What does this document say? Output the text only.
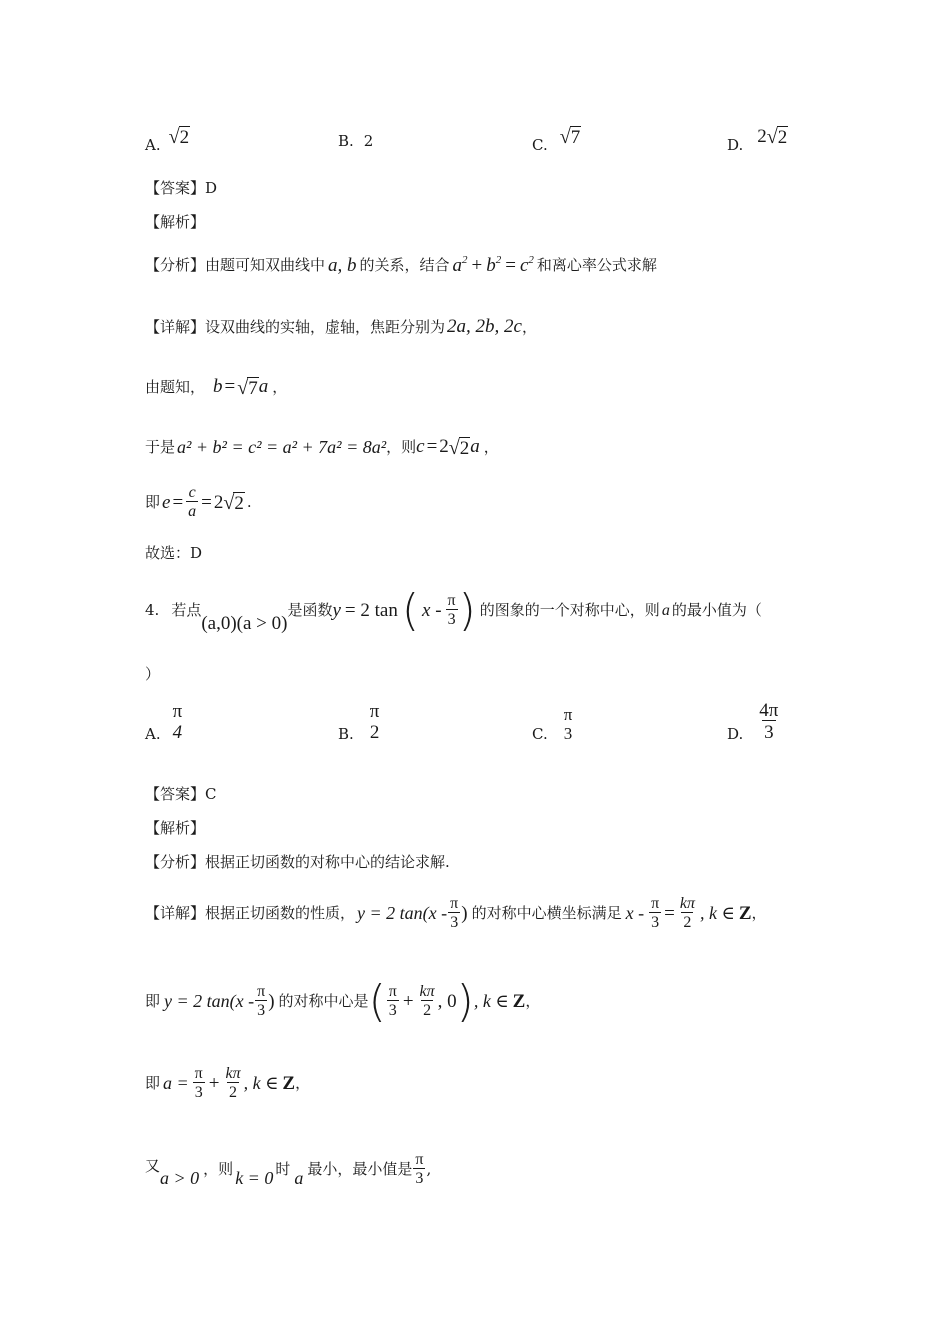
A. √ 2	B. 2	C. √ 7	D. 2 √ 2
【答案】D
【解析】
【分析】 由题可知双曲线中 a, b 的关系，结合 $a^2 + b^2 = c^2$ 和离心率公式求解
【详解】 设双曲线的实轴，虚轴，焦距分别为 2a, 2b, 2c ，
由题知， b = √ 7 a ，
于是 a² + b² = c² = a² + 7a² = 8a² ，则 c = 2 √ 2 a ，
即 $e = \frac{c}{a} = 2$ √ 2 .
故选：D
4. 若点
(a,0)(a > 0)
是函数 y = 2 tan ( x - $\frac{\pi}{3}$ ) 的图象的一个对称中心，则 a 的最小值为（
）
A.
π
4	B.
π
2	C.
π
3	D. $\frac{4\pi}{3}$
【答案】C
【解析】
【分析】根据正切函数的对称中心的结论求解.
【详解】 根据正切函数的性质， y = 2 $\tan(x - \frac{\pi}{3}$ ) 的对称中心横坐标满足 $x - \frac{\pi}{3} = \frac{k\pi}{2}$ , k ∈ Z ，
即 y = 2 $\tan(x - \frac{\pi}{3}$ ) 的对称中心是 ( $\frac{\pi}{3} + \frac{k\pi}{2}$ , 0 ) , k ∈ Z ，
即 $a = \frac{\pi}{3} + \frac{k\pi}{2}$ , k ∈ Z ，
又
a > 0 ，则 k = 0 时 a 最小，最小值是 $\frac{\pi}{3}$ ,
